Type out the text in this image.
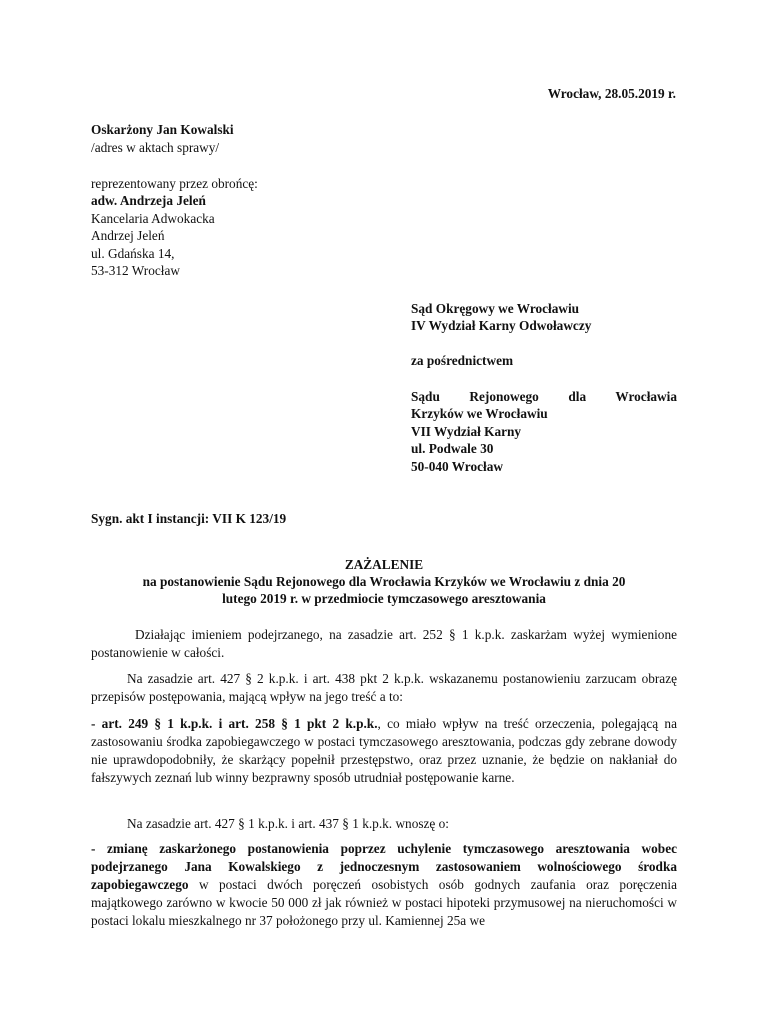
Wrocław, 28.05.2019 r.
Oskarżony Jan Kowalski
/adres w aktach sprawy/
reprezentowany przez obrońcę:
adw. Andrzeja Jeleń
Kancelaria Adwokacka
Andrzej Jeleń
ul. Gdańska 14,
53-312 Wrocław
Sąd Okręgowy we Wrocławiu
IV Wydział Karny Odwoławczy
za pośrednictwem
Sądu Rejonowego dla Wrocławia
Krzyków we Wrocławiu
VII Wydział Karny
ul. Podwale 30
50-040 Wrocław
Sygn. akt I instancji: VII K 123/19
ZAŻALENIE
na postanowienie Sądu Rejonowego dla Wrocławia Krzyków we Wrocławiu z dnia 20
lutego 2019 r. w przedmiocie tymczasowego aresztowania

Działając imieniem podejrzanego, na zasadzie art. 252 § 1 k.p.k. zaskarżam wyżej wymienione postanowienie w całości.

Na zasadzie art. 427 § 2 k.p.k. i art. 438 pkt 2 k.p.k. wskazanemu postanowieniu zarzucam obrazę przepisów postępowania, mającą wpływ na jego treść a to:

- art. 249 § 1 k.p.k. i art. 258 § 1 pkt 2 k.p.k., co miało wpływ na treść orzeczenia, polegającą na zastosowaniu środka zapobiegawczego w postaci tymczasowego aresztowania, podczas gdy zebrane dowody nie uprawdopodobniły, że skarżący popełnił przestępstwo, oraz przez uznanie, że będzie on nakłaniał do fałszywych zeznań lub winny bezprawny sposób utrudniał postępowanie karne.

Na zasadzie art. 427 § 1 k.p.k. i art. 437 § 1 k.p.k. wnoszę o:

- zmianę zaskarżonego postanowienia poprzez uchylenie tymczasowego aresztowania wobec podejrzanego Jana Kowalskiego z jednoczesnym zastosowaniem wolnościowego środka zapobiegawczego w postaci dwóch poręczeń osobistych osób godnych zaufania oraz poręczenia majątkowego zarówno w kwocie 50 000 zł jak również w postaci hipoteki przymusowej na nieruchomości w postaci lokalu mieszkalnego nr 37 położonego przy ul. Kamiennej 25a we
